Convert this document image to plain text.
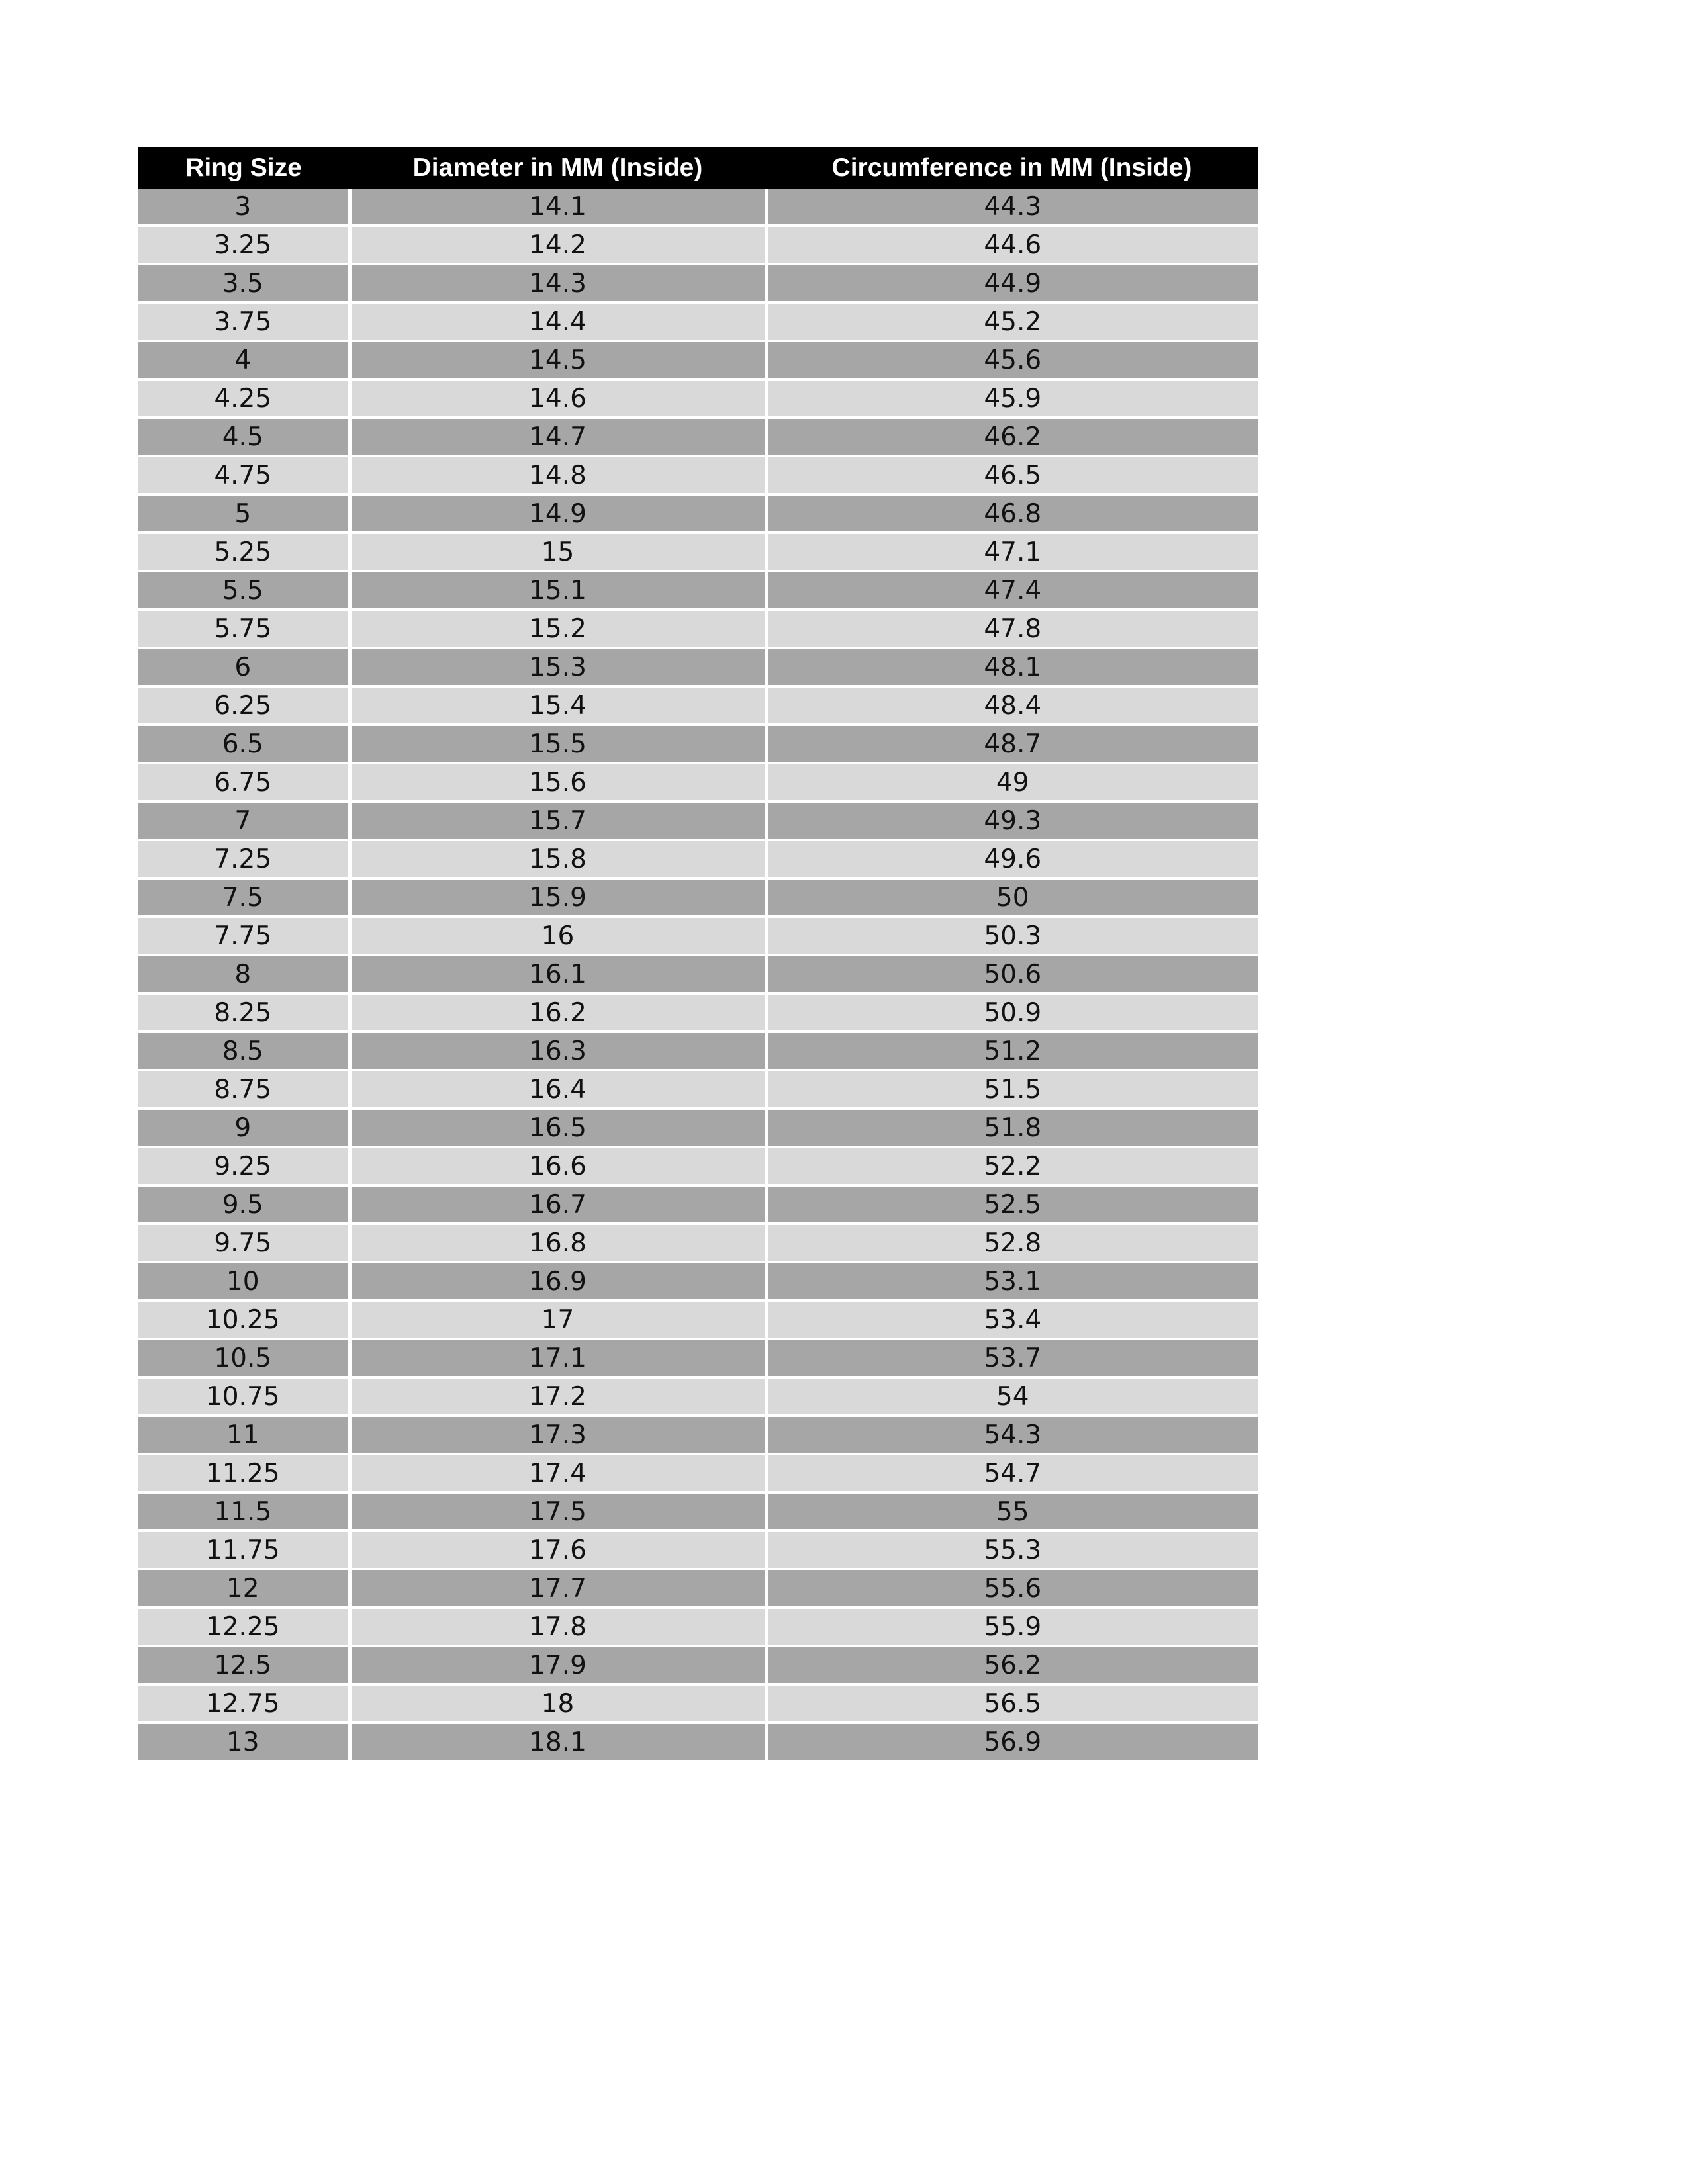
Ring Size	Diameter in MM (Inside)	Circumference in MM (Inside)
3	14.1	44.3
3.25	14.2	44.6
3.5	14.3	44.9
3.75	14.4	45.2
4	14.5	45.6
4.25	14.6	45.9
4.5	14.7	46.2
4.75	14.8	46.5
5	14.9	46.8
5.25	15	47.1
5.5	15.1	47.4
5.75	15.2	47.8
6	15.3	48.1
6.25	15.4	48.4
6.5	15.5	48.7
6.75	15.6	49
7	15.7	49.3
7.25	15.8	49.6
7.5	15.9	50
7.75	16	50.3
8	16.1	50.6
8.25	16.2	50.9
8.5	16.3	51.2
8.75	16.4	51.5
9	16.5	51.8
9.25	16.6	52.2
9.5	16.7	52.5
9.75	16.8	52.8
10	16.9	53.1
10.25	17	53.4
10.5	17.1	53.7
10.75	17.2	54
11	17.3	54.3
11.25	17.4	54.7
11.5	17.5	55
11.75	17.6	55.3
12	17.7	55.6
12.25	17.8	55.9
12.5	17.9	56.2
12.75	18	56.5
13	18.1	56.9
